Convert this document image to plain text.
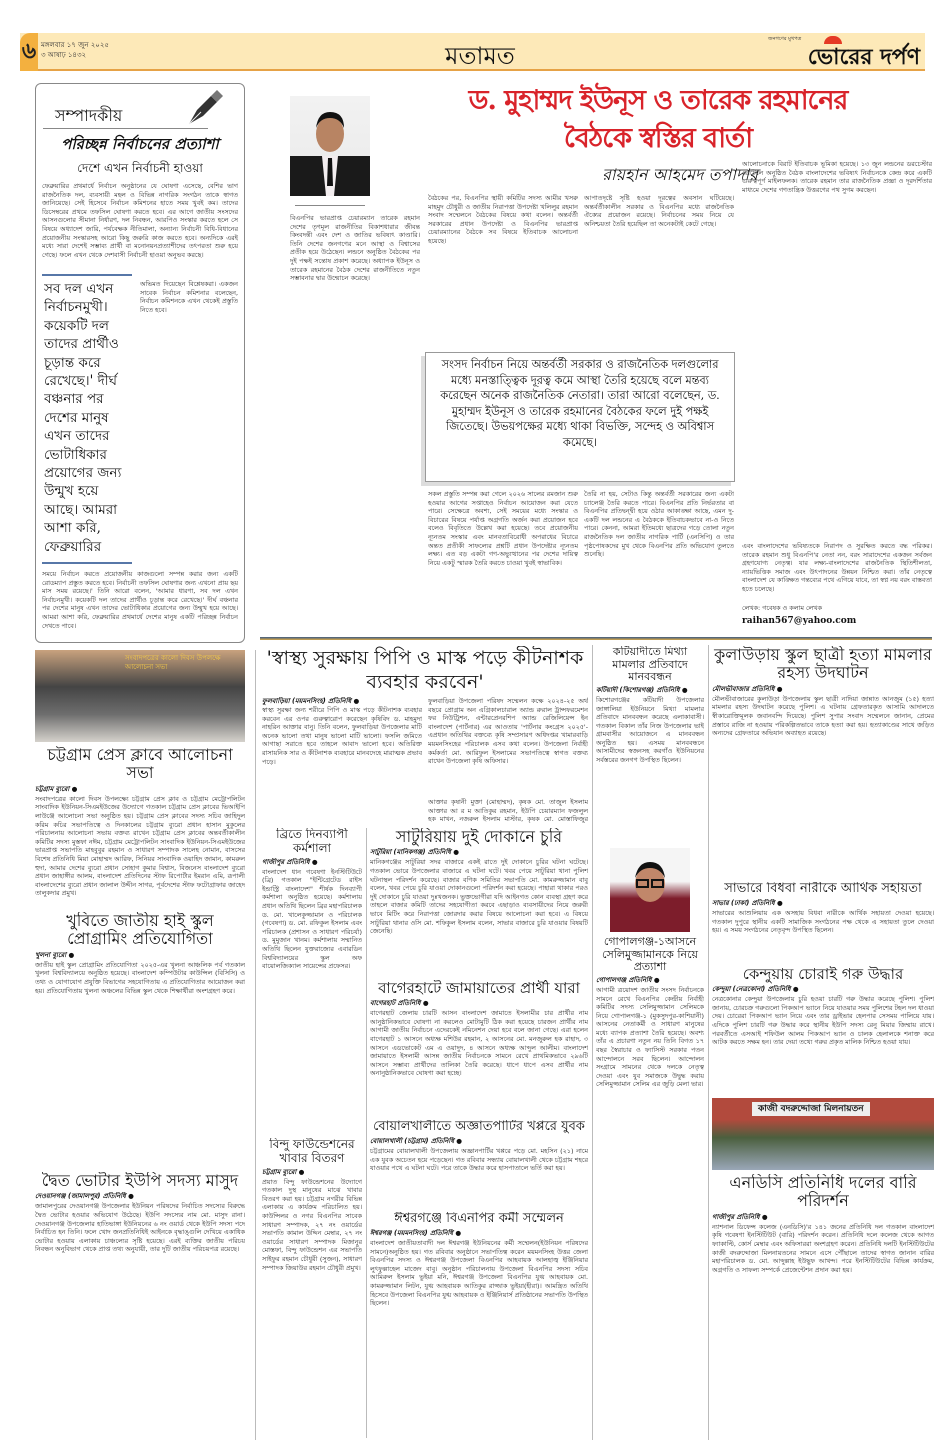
৬ মঙ্গলবার ১৭ জুন ২০২৫
৩ আষাঢ় ১৪৩২	মতামত
জনগণের মুখপত্র
ভোরের দর্পণ
সম্পাদকীয়
পরিচ্ছন্ন নির্বাচনের প্রত্যাশা
দেশে এখন নির্বাচনী হাওয়া
ফেব্রুয়ারির প্রথমার্ধে নির্বাচন অনুষ্ঠানের যে ঘোষণা এসেছে, বেশির ভাগ রাজনৈতিক দল, ব্যবসায়ী মহল ও বিভিন্ন নাগরিক সংগঠন তাকে স্বাগত জানিয়েছে। সেই হিসেবে নির্বাচন কমিশনের হাতে সময় খুবই কম। তাদের ডিসেম্বরের প্রথমে তফসিল ঘোষণা করতে হবে। এর আগে জাতীয় সংসদের আসনগুলোর সীমানা নির্ধারণ, দল নিবন্ধন, আরপিও সংস্কার করতে হলে সে বিষয়ে অধ্যাদেশ জারি, পর্যবেক্ষক নীতিমালা, অন্যান্য নির্বাচনী বিধি-বিধানের প্রয়োজনীয় সংস্কারসহ আরো কিছু জরুরি কাজ করতে হবে। অন্যদিকে এরই মধ্যে সারা দেশেই সম্ভাব্য প্রার্থী বা মনোনয়নপ্রত্যাশীদের তৎপরতা শুরু হয়ে গেছে। ফলে এখন থেকে দেশবাসী নির্বাচনী হাওয়া অনুভব করছে।
সব দল এখন নির্বাচনমুখী। কয়েকটি দল তাদের প্রার্থীও চূড়ান্ত করে রেখেছে।' দীর্ঘ বঞ্চনার পর দেশের মানুষ এখন তাদের ভোটাধিকার প্রয়োগের জন্য উন্মুখ হয়ে আছে। আমরা আশা করি, ফেব্রুয়ারির
অভিমত দিয়েছেন বিশ্লেষকরা। একজন সাবেক নির্বাচন কমিশনার বলেছেন, নির্বাচন কমিশনকে এখন থেকেই প্রস্তুতি নিতে হবে।
সময়ে নির্বাচন করতে প্রয়োজনীয় কাজগুলো সম্পন্ন করার জন্য একটি রোডম্যাপ প্রস্তুত করতে হবে। নির্বাচনী তফসিল ঘোষণার জন্য এখনো প্রায় ছয় মাস সময় রয়েছে।' তিনি আরো বলেন, 'আমার ধারণা, সব দল এখন নির্বাচনমুখী। কয়েকটি দল তাদের প্রার্থীও চূড়ান্ত করে রেখেছে।' দীর্ঘ বঞ্চনার পর দেশের মানুষ এখন তাদের ভোটাধিকার প্রয়োগের জন্য উন্মুখ হয়ে আছে। আমরা আশা করি, ফেব্রুয়ারির প্রথমার্ধে দেশের মানুষ একটি পরিচ্ছন্ন নির্বাচন দেখতে পাবে।
ড. মুহাম্মদ ইউনূস ও তারেক রহমানের
বৈঠকে স্বস্তির বার্তা
রায়হান আহমেদ তপাদার
বিএনপির ভারপ্রাপ্ত চেয়ারম্যান তারেক রহমান দেশের তৃণমূল রাজনীতির বিকাশধারার জীবন্ত কিংবদন্তী এবং দেশ ও জাতির ভবিষ্যৎ কাণ্ডারি। তিনি দেশের জনগণের মনে আস্থা ও বিশ্বাসের প্রতীক হয়ে উঠেছেন। লন্ডনে অনুষ্ঠিত বৈঠকের পর দুই পক্ষই সন্তোষ প্রকাশ করেছে। অধ্যাপক ইউনূস ও তারেক রহমানের বৈঠক দেশের রাজনীতিতে নতুন সম্ভাবনার দ্বার উন্মোচন করেছে।
বৈঠকের পর, বিএনপির স্থায়ী কমিটির সদস্য আমীর খসরু মাহমুদ চৌধুরী ও জাতীয় নিরাপত্তা উপদেষ্টা খলিলুর রহমান সংবাদ সম্মেলনে বৈঠকের বিষয়ে কথা বলেন। অন্তর্বর্তী সরকারের প্রধান উপদেষ্টা ও বিএনপির ভারপ্রাপ্ত চেয়ারম্যানের বৈঠকে সব বিষয়ে ইতিবাচক আলোচনা হয়েছে।
আপাতদৃষ্টে সৃষ্টি হওয়া দূরত্বের অবসান ঘটিয়েছে। অন্তর্বর্তীকালীন সরকার ও বিএনপির মধ্যে রাজনৈতিক ঐক্যের প্রয়োজন রয়েছে। নির্বাচনের সময় নিয়ে যে অনিশ্চয়তা তৈরি হয়েছিল তা অনেকটাই কেটে গেছে।
সংসদ নির্বাচন নিয়ে অন্তর্বর্তী সরকার ও রাজনৈতিক দলগুলোর মধ্যে মনস্তাত্ত্বিক দূরত্ব কমে আস্থা তৈরি হয়েছে বলে মন্তব্য করেছেন অনেক রাজনৈতিক নেতারা। তারা আরো বলেছেন, ড. মুহাম্মদ ইউনূস ও তারেক রহমানের বৈঠকের ফলে দুই পক্ষই জিতেছে। উভয়পক্ষের মধ্যে থাকা বিভক্তি, সন্দেহ ও অবিশ্বাস কমেছে।
সকল প্রস্তুতি সম্পন্ন করা গেলে ২০২৬ সালের রমজান শুরু হওয়ার আগের সপ্তাহেও নির্বাচন আয়োজন করা যেতে পারে। সেক্ষেত্রে অবশ্য, সেই সময়ের মধ্যে সংস্কার ও বিচারের বিষয়ে পর্যাপ্ত অগ্রগতি অর্জন করা প্রয়োজন হবে বলেও বিবৃতিতে উল্লেখ করা হয়েছে। তবে প্রয়োজনীয় ন্যূনতম সংস্কার এবং মানবতাবিরোধী অপরাধের বিচারে অন্তত প্রতীকী সাফল্যের প্রশ্নটি প্রধান উপদেষ্টার ন্যূনতম লক্ষ্য। এত বড় একটা গণ-অভ্যুত্থানের পর দেশের দায়িত্ব নিয়ে একটু স্মারক তৈরি করতে চাওয়া খুবই স্বাভাবিক।
তৈরি না হয়, সেটাও কিন্তু অন্তর্বর্তী সরকারের জন্য একটা চ্যালেঞ্জ তৈরি করতে পারে। বিএনপির প্রতি নির্ভরতার বা বিএনপির প্রতিদ্বন্দ্বী হয়ে ওঠার আকাঙ্ক্ষা আছে, এমন দু-একটি দল লন্ডনের এ বৈঠককে ইতিবাচকভাবে না-ও নিতে পারে। কেননা, আমরা ইতিমধ্যে ছাত্রদের গড়ে তোলা নতুন রাজনৈতিক দল জাতীয় নাগরিক পার্টি (এনসিপি) ও তার পৃষ্ঠপোষকদের মুখ থেকে বিএনপির প্রতি অভিযোগ তুলতে শুনেছি।
আলোচনাকে বিরাট ইতিবাচক ভূমিকা হয়েছে। ১৩ জুন লন্ডনের ডরচেস্টার হোটেলে অনুষ্ঠিত বৈঠক বাংলাদেশের ভবিষ্যৎ নির্বাচনকে কেন্দ্র করে একটি গুরুত্বপূর্ণ মাইলফলক। তারেক রহমান তার রাজনৈতিক প্রজ্ঞা ও দূরদর্শিতার মাধ্যমে দেশের গণতান্ত্রিক উত্তরণের পথ সুগম করছেন।
এবং বাংলাদেশের ভবিষ্যতকে নিরাপদ ও সুরক্ষিত করতে বদ্ধ পরিকর। তারেক রহমান শুধু বিএনপি'র নেতা নন, বরং সারাদেশের একজন সর্বজন গ্রহণযোগ্য নেতৃত্ব। যার লক্ষ্য-বাংলাদেশের রাজনৈতিক স্থিতিশীলতা, ন্যায়ভিত্তিক সমাজ এবং উৎপাদনের উন্নয়ন নিশ্চিত করা। তাঁর নেতৃত্বে বাংলাদেশ যে কাঙ্ক্ষিত গন্তব্যের পথে এগিয়ে যাবে, তা স্বপ্ন নয় বরং বাস্তবতা হতে চলেছে।
লেখক: গবেষক ও কলাম লেখক
raihan567@yahoo.com
সংবাদপত্রের কালো দিবস উপলক্ষে আলোচনা সভা
চট্টগ্রাম প্রেস ক্লাবে আলোচনা সভা
চট্টগ্রাম ব্যুরো ●
সংবাদপত্রের কালো দিবস উপলক্ষ্যে চট্টগ্রাম প্রেস ক্লাব ও চট্টগ্রাম মেট্রোপলিটন সাংবাদিক ইউনিয়ন-সিএমইউজের উদ্যোগে গতকাল চট্টগ্রাম প্রেস ক্লাবের ভিআইপি লাউঞ্জে আলোচনা সভা অনুষ্ঠিত হয়। চট্টগ্রাম প্রেস ক্লাবের সদস্য সচিব জাহিদুল করিম কচির সভাপতিত্বে ও দিনকালের চট্টগ্রাম ব্যুরো প্রধান হাসান মুকুলের পরিচালনায় আলোচনা সভায় বক্তব্য রাখেন চট্টগ্রাম প্রেস ক্লাবের অন্তবর্তীকালীন কমিটির সদস্য মুস্তফা নঈম, চট্টগ্রাম মেট্রোপলিটন সাংবাদিক ইউনিয়ন-সিএমইউজের ভারপ্রাপ্ত সভাপতি মাহবুবুর রহমান ও সাধারণ সম্পাদক সালেহ নোমান, বাসসের বিশেষ প্রতিনিধি মিয়া মোহাম্মদ আরিফ, সিনিয়র সাংবাদিক ওয়াহিদ জামান, কামরুল হুদা, আমার দেশের ব্যুরো প্রধান সোহাগ কুমার বিশ্বাস, বিজনেস বাংলাদেশ ব্যুরো প্রধান জাহাঙ্গীর আলম, বাংলাদেশ প্রতিদিনের স্টাফ রিপোর্টার ইমরান এমি, রূপালী বাংলাদেশের ব্যুরো প্রধান জালাল উদ্দীন সাগর, পূর্বদেশের স্টাফ ফটোগ্রাফার জাহেদ তালুকদার প্রমুখ।
খুবিতে জাতীয় হাই স্কুল প্রোগ্রামিং প্রতিযোগিতা
খুলনা ব্যুরো ●
জাতীয় হাই স্কুল প্রোগ্রামিং প্রতিযোগিতা ২০২৫-এর খুলনা আঞ্চলিক পর্ব গতকাল খুলনা বিশ্ববিদ্যালয়ে অনুষ্ঠিত হয়েছে। বাংলাদেশ কম্পিউটার কাউন্সিল (বিসিসি) ও তথ্য ও যোগাযোগ প্রযুক্তি বিভাগের সহযোগিতায় এ প্রতিযোগিতার আয়োজন করা হয়। প্রতিযোগিতায় খুলনা অঞ্চলের বিভিন্ন স্কুল থেকে শিক্ষার্থীরা অংশগ্রহণ করে।
দ্বৈত ভোটার ইউপি সদস্য মাসুদ
দেওয়ানগঞ্জ (জামালপুর) প্রতিনিধি ●
জামালপুরের দেওয়ানগঞ্জ উপজেলার ইউনিয়ন পরিষদের নির্বাচিত সদস্যের বিরুদ্ধে দ্বৈত ভোটার হওয়ার অভিযোগ উঠেছে। ইউপি সদস্যের নাম মো. মাসুদ রানা। দেওয়ানগঞ্জ উপজেলার হাতিভাঙ্গা ইউনিয়নের ৬ নং ওয়ার্ড থেকে ইউপি সদস্য পদে নির্বাচিত হন তিনি। ফলে খোদ জনপ্রতিনিধিই আইনকে বৃদ্ধাঙ্গুলি দেখিয়ে একাধিক ভোটার হওয়ায় এলাকায় চাঞ্চল্যের সৃষ্টি হয়েছে। এরই ব্যক্তির জাতীয় পরিচয় নিবন্ধন অনুবিভাগ থেকে প্রাপ্ত তথ্য অনুযায়ী, তার দুটি জাতীয় পরিচয়পত্র রয়েছে।
'স্বাস্থ্য সুরক্ষায় পিপি ও মাস্ক পড়ে কীটনাশক ব্যবহার করবেন'
ফুলবাড়িয়া (ময়মনসিংহ) প্রতিনিধি ●
স্বাস্থ্য সুরক্ষা জন্য শরীরে পিপি ও মাস্ক পড়ে কীটনাশক ব্যবহার করবেন এর ওপর গুরুত্বারোপ করেছেন কৃষিবিদ ড. মাহমুদা নাহরিন আক্তার বানু। তিনি বলেন, ফুলবাড়িয়া উপজেলার মাটি অনেক ভালো তথা মানুষ ভালো মাটি ভালো। ফসলি জমিতে আগাছা সরাতে হবে তাহলে আবাদ ভালো হবে। অতিরিক্ত রাসায়নিক সার ও কীটনাশক ব্যবহারে মানবদেহে মারাত্মক প্রভাব পড়ে।
ফুলবাড়িয়া উপজেলা পরিষদ সম্মেলন কক্ষে ২০২৪-২৫ অর্থ বছরে প্রোগ্রাম অন এগ্রিকালচারাল অ্যান্ড রুরাল ট্রান্সফরমেশন ফর নিউট্রিশন, এন্টারপ্রেনরশিপ অ্যান্ড রেজিলিয়েন্স ইন বাংলাদেশ (পার্টনার) এর আওতায় 'পার্টনার কংগ্রেস ২০২৫'-এপ্রধান অতিথির বক্তব্যে কৃষি সম্প্রসারণ অধিদপ্তর খামারবাড়ি ময়মনসিংহের পরিচালক এসব কথা বলেন। উপজেলা নির্বাহী কর্মকর্তা মো. আরিফুল ইসলামের সভাপতিত্বে স্বাগত বক্তব্য রাখেন উপজেলা কৃষি অফিসার।
আক্তার কৃষানী মুক্তা (মোহাম্মদ), কৃষক মো. তাজুল ইসলাম আক্তার আ র ম আতিকুর রহমান, ইউপি চেয়ারম্যান ফজলুল হক মাখন, নজরুল ইসলাম মাস্টার, কৃষক মো. মোস্তাফিজুর
ব্রিতে দিনব্যাপী কর্মশালা
গাজীপুর প্রতিনিধি ●
বাংলাদেশ ধান গবেষণা ইনস্টিটিউটে (ব্রি) গতকাল "ইন্টিগ্রেটেড রাইস ইন্ডাস্ট্রি বাংলাদেশ" শীর্ষক দিনব্যাপী কর্মশালা অনুষ্ঠিত হয়েছে। কর্মশালায় প্রধান অতিথি ছিলেন ব্রির মহাপরিচালক ড. মো. খালেকুজ্জামান ও পরিচালক (গবেষণা) ড. মো. রফিকুল ইসলাম এবং পরিচালক (প্রশাসন ও সাধারণ পরিচর্যা) ড. মুমুজান খানম। কর্মশালায় সম্মানিত অতিথি ছিলেন যুক্তরাজ্যের এবারডিন বিশ্ববিদ্যালয়ের স্কুল অফ বায়োলজিক্যাল সায়েন্সের প্রফেসর।
বিন্দু ফাউন্ডেশনের খাবার বিতরণ
চট্টগ্রাম ব্যুরো ●
প্রয়াত বিন্দু ফাউন্ডেশনের উদ্যোগে গতকাল দুস্থ মানুষের মাঝে খাবার বিতরণ করা হয়। চট্টগ্রাম নগরীর বিভিন্ন এলাকায় এ কার্যক্রম পরিচালিত হয়। কাউন্সিলর ও নগর বিএনপির সাবেক সাধারণ সম্পাদক, ২৭ নং ওয়ার্ডের সভাপতি কামাল উদ্দিন মেম্বার, ২৭ নং ওয়ার্ডের সাধারণ সম্পাদক মিজানুর মোস্তফা, বিন্দু ফাউন্ডেশন এর সভাপতি সাইফুর রহমান চৌধুরী (সুজন), সাধারণ সম্পাদক জিয়াউর রহমান চৌধুরী প্রমুখ।
সাটুরিয়ায় দুই দোকানে চুরি
সাটুরিয়া (মানিকগঞ্জ) প্রতিনিধি ●
মানিকগঞ্জের সাটুরিয়া সদর বাজারে একই রাতে দুই দোকানে চুরির ঘটনা ঘটেছে। গতকাল ভোরে উপজেলার বাজারে এ ঘটনা ঘটে। খবর পেয়ে সাটুরিয়া থানা পুলিশ ঘটনাস্থল পরিদর্শন করেছে। বাজার বণিক সমিতির সভাপতি মো. কামরুজ্জামান বাবু বলেন, খবর পেয়ে চুরি যাওয়া দোকানগুলো পরিদর্শন করা হয়েছে। পাহারা থাকার পরও দুই দোকানে চুরি যাওয়া দুঃখজনক। ভুক্তভোগীরা যদি আইনগত কোন ব্যবস্থা গ্রহণ করে তাহলে বাজার কমিটি তাদের সহযোগীতা করবে এছাড়াও ব্যবসায়ীদের নিয়ে জরুরী ভাবে মিটিং করে নিরাপত্তা জোরদার করার বিষয়ে আলোচনা করা হবে। এ বিষয়ে সাটুরিয়া থানার ওসি মো. শফিকুল ইসলাম বলেন, সাভার বাজারে চুরি যাওয়ার বিষয়টি জেনেছি।
বাগেরহাটে জামায়াতের প্রার্থী যারা
বাগেরহাট প্রতিনিধি ●
বাগেরহাট জেলায় চারটি আসন বাংলাদেশ জামাতে ইসলামীর চার প্রার্থীর নাম আনুষ্ঠানিকভাবে ঘোষণা না করলেও মোটামুটি ঠিক করা হয়েছে চারজন প্রার্থীর নাম আগামী জাতীয় নির্বাচনে এদেরকেই নমিনেশন দেয়া হবে বলে জানা গেছে। এরা হলেন বাগেরহাট ১ আসনে অধ্যক্ষ মশিউর রহমান, ২ আসনের মো. মনজুরুল হক রাহাদ, ৩ আসনে এডভোকেট এম এ ওয়াদুদ, ৪ আসনে অধ্যক্ষ আব্দুল আলীম। বাংলাদেশ জামায়াতে ইসলামী আসন্ন জাতীয় নির্বাচনকে সামনে রেখে প্রাথমিকভাবে ২৯৬টি আসনে সম্ভাব্য প্রার্থীদের তালিকা তৈরি করেছে। ধাপে ধাপে এসব প্রার্থীর নাম অনানুষ্ঠানিকভাবে ঘোষণা করা হচ্ছে।
বোয়ালখালীতে অজ্ঞাতপার্টির খপ্পরে যুবক
বোয়ালখালী (চট্টগ্রাম) প্রতিনিধি ●
চট্টগ্রামের বোয়ালখালী উপজেলায় অজ্ঞানপার্টির খপ্পরে পড়ে মো. মহসিন (২১) নামে এক যুবক অচেতন হয়ে পড়েছেন। গত রবিবার সন্ধ্যায় বোয়ালখালী থেকে চট্টগ্রাম শহরে যাওয়ার পথে এ ঘটনা ঘটে। পরে তাকে উদ্ধার করে হাসপাতালে ভর্তি করা হয়।
ঈশ্বরগঞ্জে বিএনপির কর্মী সম্মেলন
ঈশ্বরগঞ্জ (ময়মনসিংহ) প্রতিনিধি ●
বাংলাদেশ জাতীয়তাবাদী দল ঈশ্বরগঞ্জ ইউনিয়নের কর্মী সম্মেলন(ইউনিয়ন পরিষদের সামনে)অনুষ্ঠিত হয়। গত রবিবার অনুষ্ঠানে সভাপতিত্ব করেন ময়মনসিংহ উত্তর জেলা বিএনপির সদস্য ও ঈশ্বরগঞ্জ উপজেলা বিএনপির আহবায়ক আলহাজ্ব ইঞ্জিনিয়ার লুৎফুল্লাহেল মাজেদ বাবু। অনুষ্ঠান পরিচালনায় উপজেলা বিএনপির সদস্য সচিব আমিরুল ইসলাম ভুইয়া মনি, ঈশ্বরগঞ্জ উপজেলা বিএনপির যুগ্ম আহবায়ক মো. কামরুজ্জামান লিটন, যুগ্ম আহবায়ক আতিকুর রাজ্জাক ভুইয়া(হীরা)। আমন্ত্রিত অতিথি হিসেবে উপজেলা বিএনপির যুগ্ম আহবায়ক ও ইঞ্জিনিয়ার্স প্রতিষ্ঠানের সভাপতি উপস্থিত ছিলেন।
কটিয়াদীতে মিথ্যা মামলার প্রতিবাদে মানববন্ধন
কটিয়াদী (কিশোরগঞ্জ) প্রতিনিধি ●
কিশোরগঞ্জের কটিয়াদী উপজেলার জাঙ্গালিয়া ইউনিয়নে মিথ্যা মামলার প্রতিবাদে মানববন্ধন করেছে এলাকাবাসী। গতকাল বিকাল তাঁর নিজ উপজেলার ভাই গ্রামবাসীর আয়োজনে এ মানববন্ধন অনুষ্ঠিত হয়। এসময় মানববন্ধনে আসামীদের স্বজনসহ করগাঁও ইউনিয়নের সর্বস্তরের জনগণ উপস্থিত ছিলেন।
গোপালগঞ্জ-১আসনে সেলিমুজ্জামানকে নিয়ে প্রত্যাশা
গোপালগঞ্জ প্রতিনিধি ●
আগামী ত্রয়োদশ জাতীয় সংসদ নির্বাচনকে সামনে রেখে বিএনপির কেন্দ্রীয় নির্বাহী কমিটির সদস্য সেলিমুজ্জামান সেলিমকে নিয়ে গোপালগঞ্জ-১ (মুকসুদপুর-কাশিয়ানী) আসনের নেতাকর্মী ও সাধারণ মানুষের মধ্যে ব্যাপক প্রত্যাশা তৈরি হয়েছে। অবশ্য তাঁর এ প্রচারণা নতুন নয় তিনি বিগত ১৭ বছর স্বৈরাচার ও ফ্যাসিস্ট সরকার পতন আন্দোলনে সরব ছিলেন। আন্দোলন সংগ্রামে সামনের থেকে দলকে নেতৃত্ব দেওয়া এবং যুব সমাজকে উদ্বুদ্ধ করায় সেলিমুজ্জামান সেলিম এর জুড়ি মেলা ভার।
কুলাউড়ায় স্কুল ছাত্রী হত্যা মামলার রহস্য উদঘাটন
মৌলভীবাজার প্রতিনিধি ●
মৌলভীবাজারের কুলাউড়া উপজেলায় স্কুল ছাত্রী নাদিয়া জান্নাত আনজুম (১৫) হত্যা মামলার রহস্য উদঘাটন করেছে পুলিশ। এ ঘটনায় গ্রেফতারকৃত আসামি আদালতে স্বীকারোক্তিমূলক জবানবন্দি দিয়েছে। পুলিশ সুপার সংবাদ সম্মেলনে জানান, প্রেমের প্রস্তাবে রাজি না হওয়ায় পরিকল্পিতভাবে তাকে হত্যা করা হয়। হত্যাকাণ্ডের সাথে জড়িত অন্যদের গ্রেফতারে অভিযান অব্যাহত রয়েছে।
সাভারে বিধবা নারীকে আর্থিক সহায়তা
সাভার (ঢাকা) প্রতিনিধি ●
সাভারের আশুলিয়ায় এক অসহায় বিধবা নারীকে আর্থিক সহায়তা দেওয়া হয়েছে। গতকাল দুপুরে স্থানীয় একটি সামাজিক সংগঠনের পক্ষ থেকে এ সহায়তা তুলে দেওয়া হয়। এ সময় সংগঠনের নেতৃবৃন্দ উপস্থিত ছিলেন।
কেন্দুয়ায় চোরাই গরু উদ্ধার
কেন্দুয়া (নেত্রকোনা) প্রতিনিধি ●
নেত্রকোনার কেন্দুয়া উপজেলায় চুরি হওয়া চারটি গরু উদ্ধার করেছে পুলিশ। পুলিশ জানায়, চোরচক্র গরুগুলো পিকআপ ভ্যানে নিয়ে যাওয়ার সময় পুলিশের টহল দল ধাওয়া দেয়। চোরেরা পিকআপ ভ্যান নিয়ে এবং তার ড্রাইভার হেলপার সেসময় পালিয়ে যায়। এদিকে পুলিশ চারটি গরু উদ্ধার করে স্থানীয় ইউপি সদস্য রেনু মিয়ার জিম্মায় রাখে। পরবর্তীতে এসআই শফিউল আলম পিকআপ ভ্যান ও চালক হেলালকে শনাক্ত করে আটক করতে সক্ষম হন। তার দেয়া তথ্যে গরুর প্রকৃত মালিক নিশ্চিত হওয়া যায়।
কাজী বদরুদ্দোজা মিলনায়তন
এনডিসি প্রতিনিধি দলের বারি পরিদর্শন
গাজীপুর প্রতিনিধি ●
ন্যাশনাল ডিফেন্স কলেজ (এনডিসি)'র ১৪১ জনের প্রতিনিধি দল গতকাল বাংলাদেশ কৃষি গবেষণা ইনস্টিটিউট (বারি) পরিদর্শন করেন। প্রতিনিধি দলে কলেজ থেকে আগত ফ্যাকাল্টি, কোর্স মেম্বার এবং অফিসাররা অংশগ্রহণ করেন। প্রতিনিধি দলটি ইনস্টিটিউটের কাজী বদরুদ্দোজা মিলনায়তনের সামনে এসে পৌঁছালে তাদের স্বাগত জানান বারির মহাপরিচালক ড. মো. আব্দুল্লাহ ইউছুফ আখন্দ। পরে ইনস্টিটিউটের বিভিন্ন কার্যক্রম, অগ্রগতি ও সাফল্য সম্পর্কে প্রেজেন্টেশন প্রদান করা হয়।
